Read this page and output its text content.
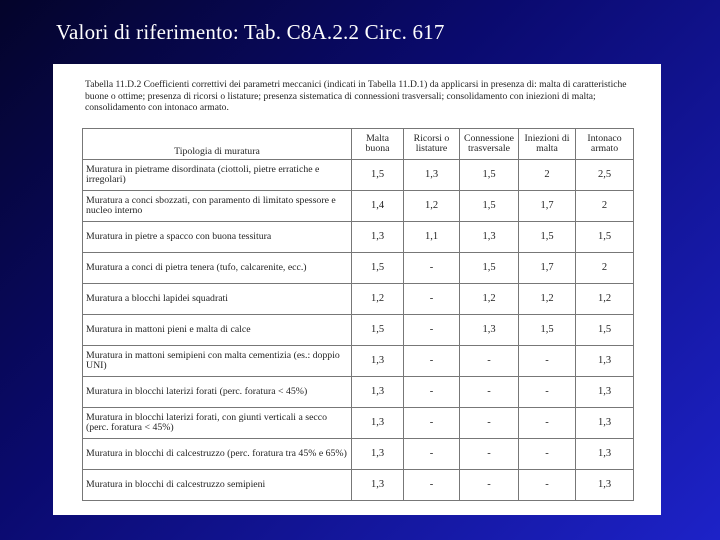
Valori di riferimento: Tab. C8A.2.2 Circ. 617
Tabella 11.D.2 Coefficienti correttivi dei parametri meccanici (indicati in Tabella 11.D.1) da applicarsi in presenza di: malta di caratteristiche buone o ottime; presenza di ricorsi o listature; presenza sistematica di connessioni trasversali; consolidamento con iniezioni di malta; consolidamento con intonaco armato.
Tipologia di muratura	Malta buona	Ricorsi o listature	Connessione trasversale	Iniezioni di malta	Intonaco armato
Muratura in pietrame disordinata (ciottoli, pietre erratiche e irregolari)	1,5	1,3	1,5	2	2,5
Muratura a conci sbozzati, con paramento di limitato spessore e nucleo interno	1,4	1,2	1,5	1,7	2
Muratura in pietre a spacco con buona tessitura	1,3	1,1	1,3	1,5	1,5
Muratura a conci di pietra tenera (tufo, calcarenite, ecc.)	1,5	-	1,5	1,7	2
Muratura a blocchi lapidei squadrati	1,2	-	1,2	1,2	1,2
Muratura in mattoni pieni e malta di calce	1,5	-	1,3	1,5	1,5
Muratura in mattoni semipieni con malta cementizia (es.: doppio UNI)	1,3	-	-	-	1,3
Muratura in blocchi laterizi forati (perc. foratura < 45%)	1,3	-	-	-	1,3
Muratura in blocchi laterizi forati, con giunti verticali a secco (perc. foratura < 45%)	1,3	-	-	-	1,3
Muratura in blocchi di calcestruzzo (perc. foratura tra 45% e 65%)	1,3	-	-	-	1,3
Muratura in blocchi di calcestruzzo semipieni	1,3	-	-	-	1,3
